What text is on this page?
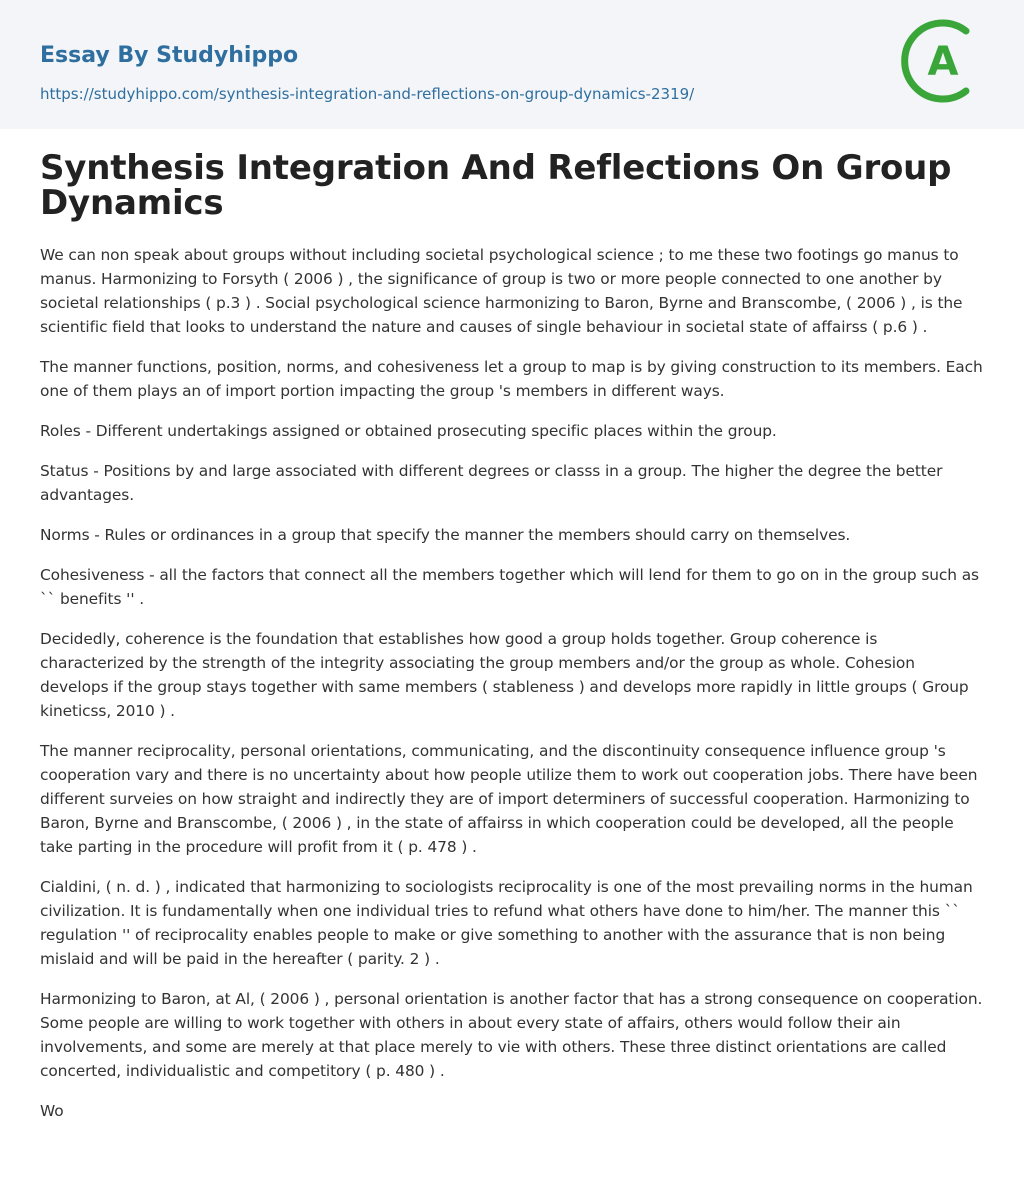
Essay By Studyhippo
https://studyhippo.com/synthesis-integration-and-reflections-on-group-dynamics-2319/
A
Synthesis Integration And Reflections On Group Dynamics

We can non speak about groups without including societal psychological science ; to me these two footings go manus to manus. Harmonizing to Forsyth ( 2006 ) , the significance of group is two or more people connected to one another by societal relationships ( p.3 ) . Social psychological science harmonizing to Baron, Byrne and Branscombe, ( 2006 ) , is the scientific field that looks to understand the nature and causes of single behaviour in societal state of affairss ( p.6 ) .

The manner functions, position, norms, and cohesiveness let a group to map is by giving construction to its members. Each one of them plays an of import portion impacting the group 's members in different ways.

Roles - Different undertakings assigned or obtained prosecuting specific places within the group.

Status - Positions by and large associated with different degrees or classs in a group. The higher the degree the better advantages.

Norms - Rules or ordinances in a group that specify the manner the members should carry on themselves.

Cohesiveness - all the factors that connect all the members together which will lend for them to go on in the group such as `` benefits '' .

Decidedly, coherence is the foundation that establishes how good a group holds together. Group coherence is characterized by the strength of the integrity associating the group members and/or the group as whole. Cohesion develops if the group stays together with same members ( stableness ) and develops more rapidly in little groups ( Group kineticss, 2010 ) .

The manner reciprocality, personal orientations, communicating, and the discontinuity consequence influence group 's cooperation vary and there is no uncertainty about how people utilize them to work out cooperation jobs. There have been different surveies on how straight and indirectly they are of import determiners of successful cooperation. Harmonizing to Baron, Byrne and Branscombe, ( 2006 ) , in the state of affairss in which cooperation could be developed, all the people take parting in the procedure will profit from it ( p. 478 ) .

Cialdini, ( n. d. ) , indicated that harmonizing to sociologists reciprocality is one of the most prevailing norms in the human civilization. It is fundamentally when one individual tries to refund what others have done to him/her. The manner this `` regulation '' of reciprocality enables people to make or give something to another with the assurance that is non being mislaid and will be paid in the hereafter ( parity. 2 ) .

Harmonizing to Baron, at Al, ( 2006 ) , personal orientation is another factor that has a strong consequence on cooperation. Some people are willing to work together with others in about every state of affairs, others would follow their ain involvements, and some are merely at that place merely to vie with others. These three distinct orientations are called concerted, individualistic and competitory ( p. 480 ) .

Wo
